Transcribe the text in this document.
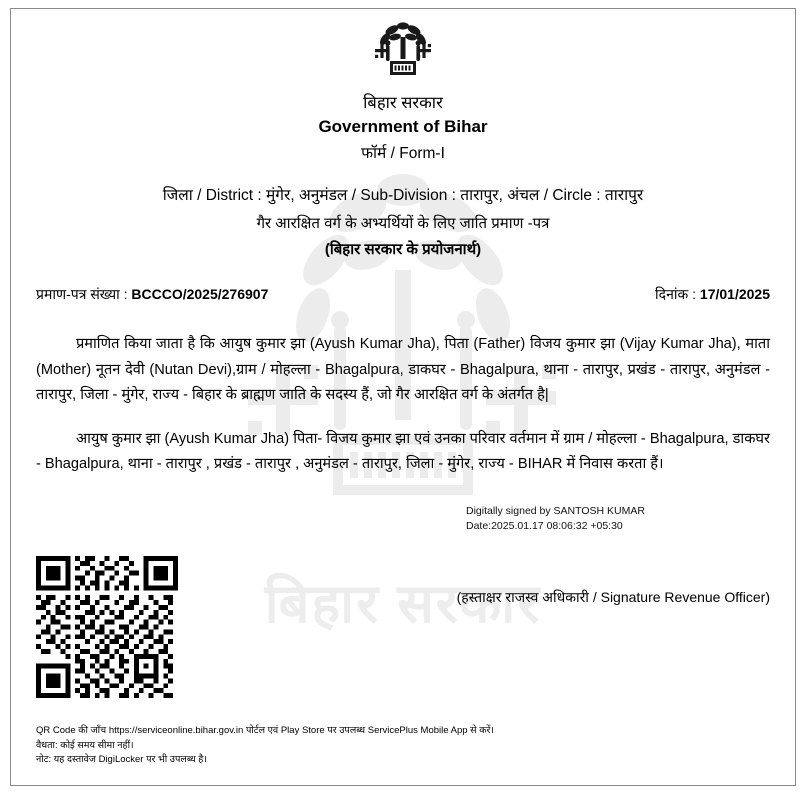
बिहार सरकार
बिहार सरकार
Government of Bihar
फॉर्म / Form-I
जिला / District : मुंगेर, अनुमंडल / Sub-Division : तारापुर, अंचल / Circle : तारापुर
गैर आरक्षित वर्ग के अभ्यर्थियों के लिए जाति प्रमाण -पत्र
(बिहार सरकार के प्रयोजनार्थ)
प्रमाण-पत्र संख्या : BCCCO/2025/276907	दिनांक : 17/01/2025
प्रमाणित किया जाता है कि आयुष कुमार झा (Ayush Kumar Jha), पिता (Father) विजय कुमार झा (Vijay Kumar Jha), माता (Mother) नूतन देवी (Nutan Devi),ग्राम / मोहल्ला - Bhagalpura, डाकघर - Bhagalpura, थाना - तारापुर, प्रखंड - तारापुर, अनुमंडल - तारापुर, जिला - मुंगेर, राज्य - बिहार के ब्राह्मण जाति के सदस्य हैं, जो गैर आरक्षित वर्ग के अंतर्गत है|
आयुष कुमार झा (Ayush Kumar Jha) पिता- विजय कुमार झा एवं उनका परिवार वर्तमान में ग्राम / मोहल्ला - Bhagalpura, डाकघर - Bhagalpura, थाना - तारापुर , प्रखंड - तारापुर , अनुमंडल - तारापुर, जिला - मुंगेर, राज्य - BIHAR में निवास करता हैं।
Digitally signed by SANTOSH KUMAR
Date:2025.01.17 08:06:32 +05:30
(हस्ताक्षर राजस्व अधिकारी / Signature Revenue Officer)
QR Code की जाँच https://serviceonline.bihar.gov.in पोर्टल एवं Play Store पर उपलब्ध ServicePlus Mobile App से करें।
वैधता: कोई समय सीमा नहीं।
नोट: यह दस्तावेज DigiLocker पर भी उपलब्ध है।
